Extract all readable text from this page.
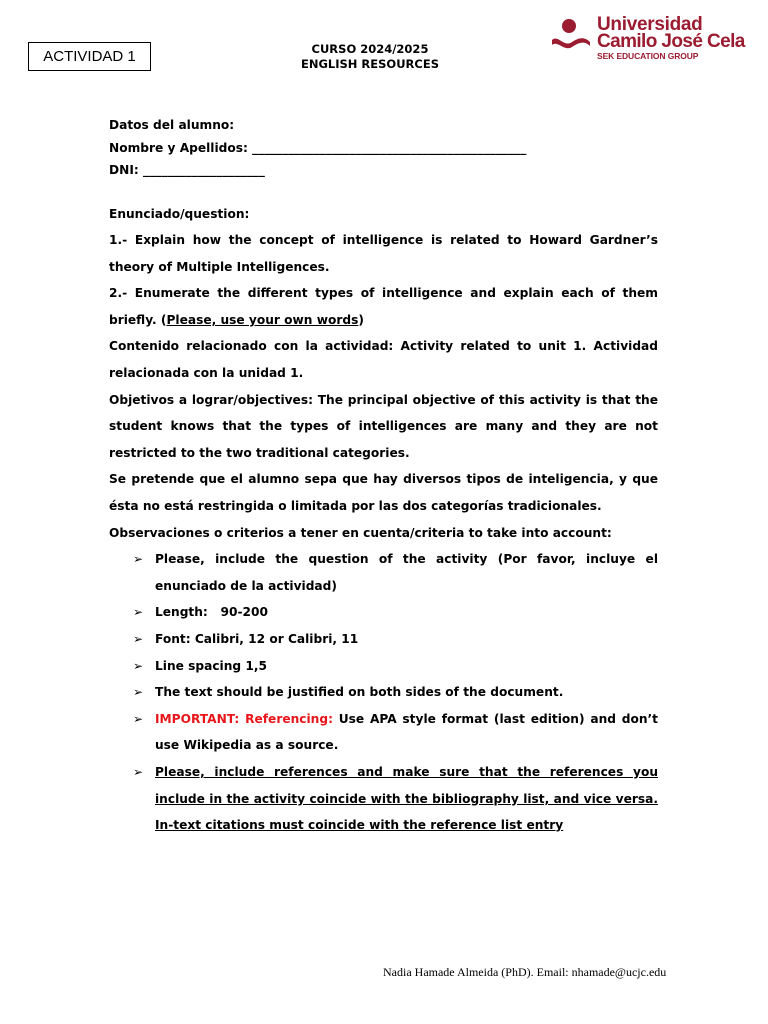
ACTIVIDAD 1	CURSO 2024/2025
ENGLISH RESOURCES
Universidad
Camilo José Cela
SEK EDUCATION GROUP

Datos del alumno:

Nombre y Apellidos: _____________________________________________

DNI: ____________________

Enunciado/question:

1.- Explain how the concept of intelligence is related to Howard Gardner’s theory of Multiple Intelligences.

2.- Enumerate the different types of intelligence and explain each of them briefly. (Please, use your own words)

Contenido relacionado con la actividad: Activity related to unit 1. Actividad relacionada con la unidad 1.

Objetivos a lograr/objectives: The principal objective of this activity is that the student knows that the types of intelligences are many and they are not restricted to the two traditional categories.

Se pretende que el alumno sepa que hay diversos tipos de inteligencia, y que ésta no está restringida o limitada por las dos categorías tradicionales.

Observaciones o criterios a tener en cuenta/criteria to take into account:

➢ Please, include the question of the activity (Por favor, incluye el enunciado de la actividad)
➢ Length:   90-200
➢ Font: Calibri, 12 or Calibri, 11
➢ Line spacing 1,5
➢ The text should be justified on both sides of the document.
➢ IMPORTANT: Referencing: Use APA style format (last edition) and don’t use Wikipedia as a source.
➢ Please, include references and make sure that the references you include in the activity coincide with the bibliography list, and vice versa. In-text citations must coincide with the reference list entry
Nadia Hamade Almeida (PhD). Email: nhamade@ucjc.edu
